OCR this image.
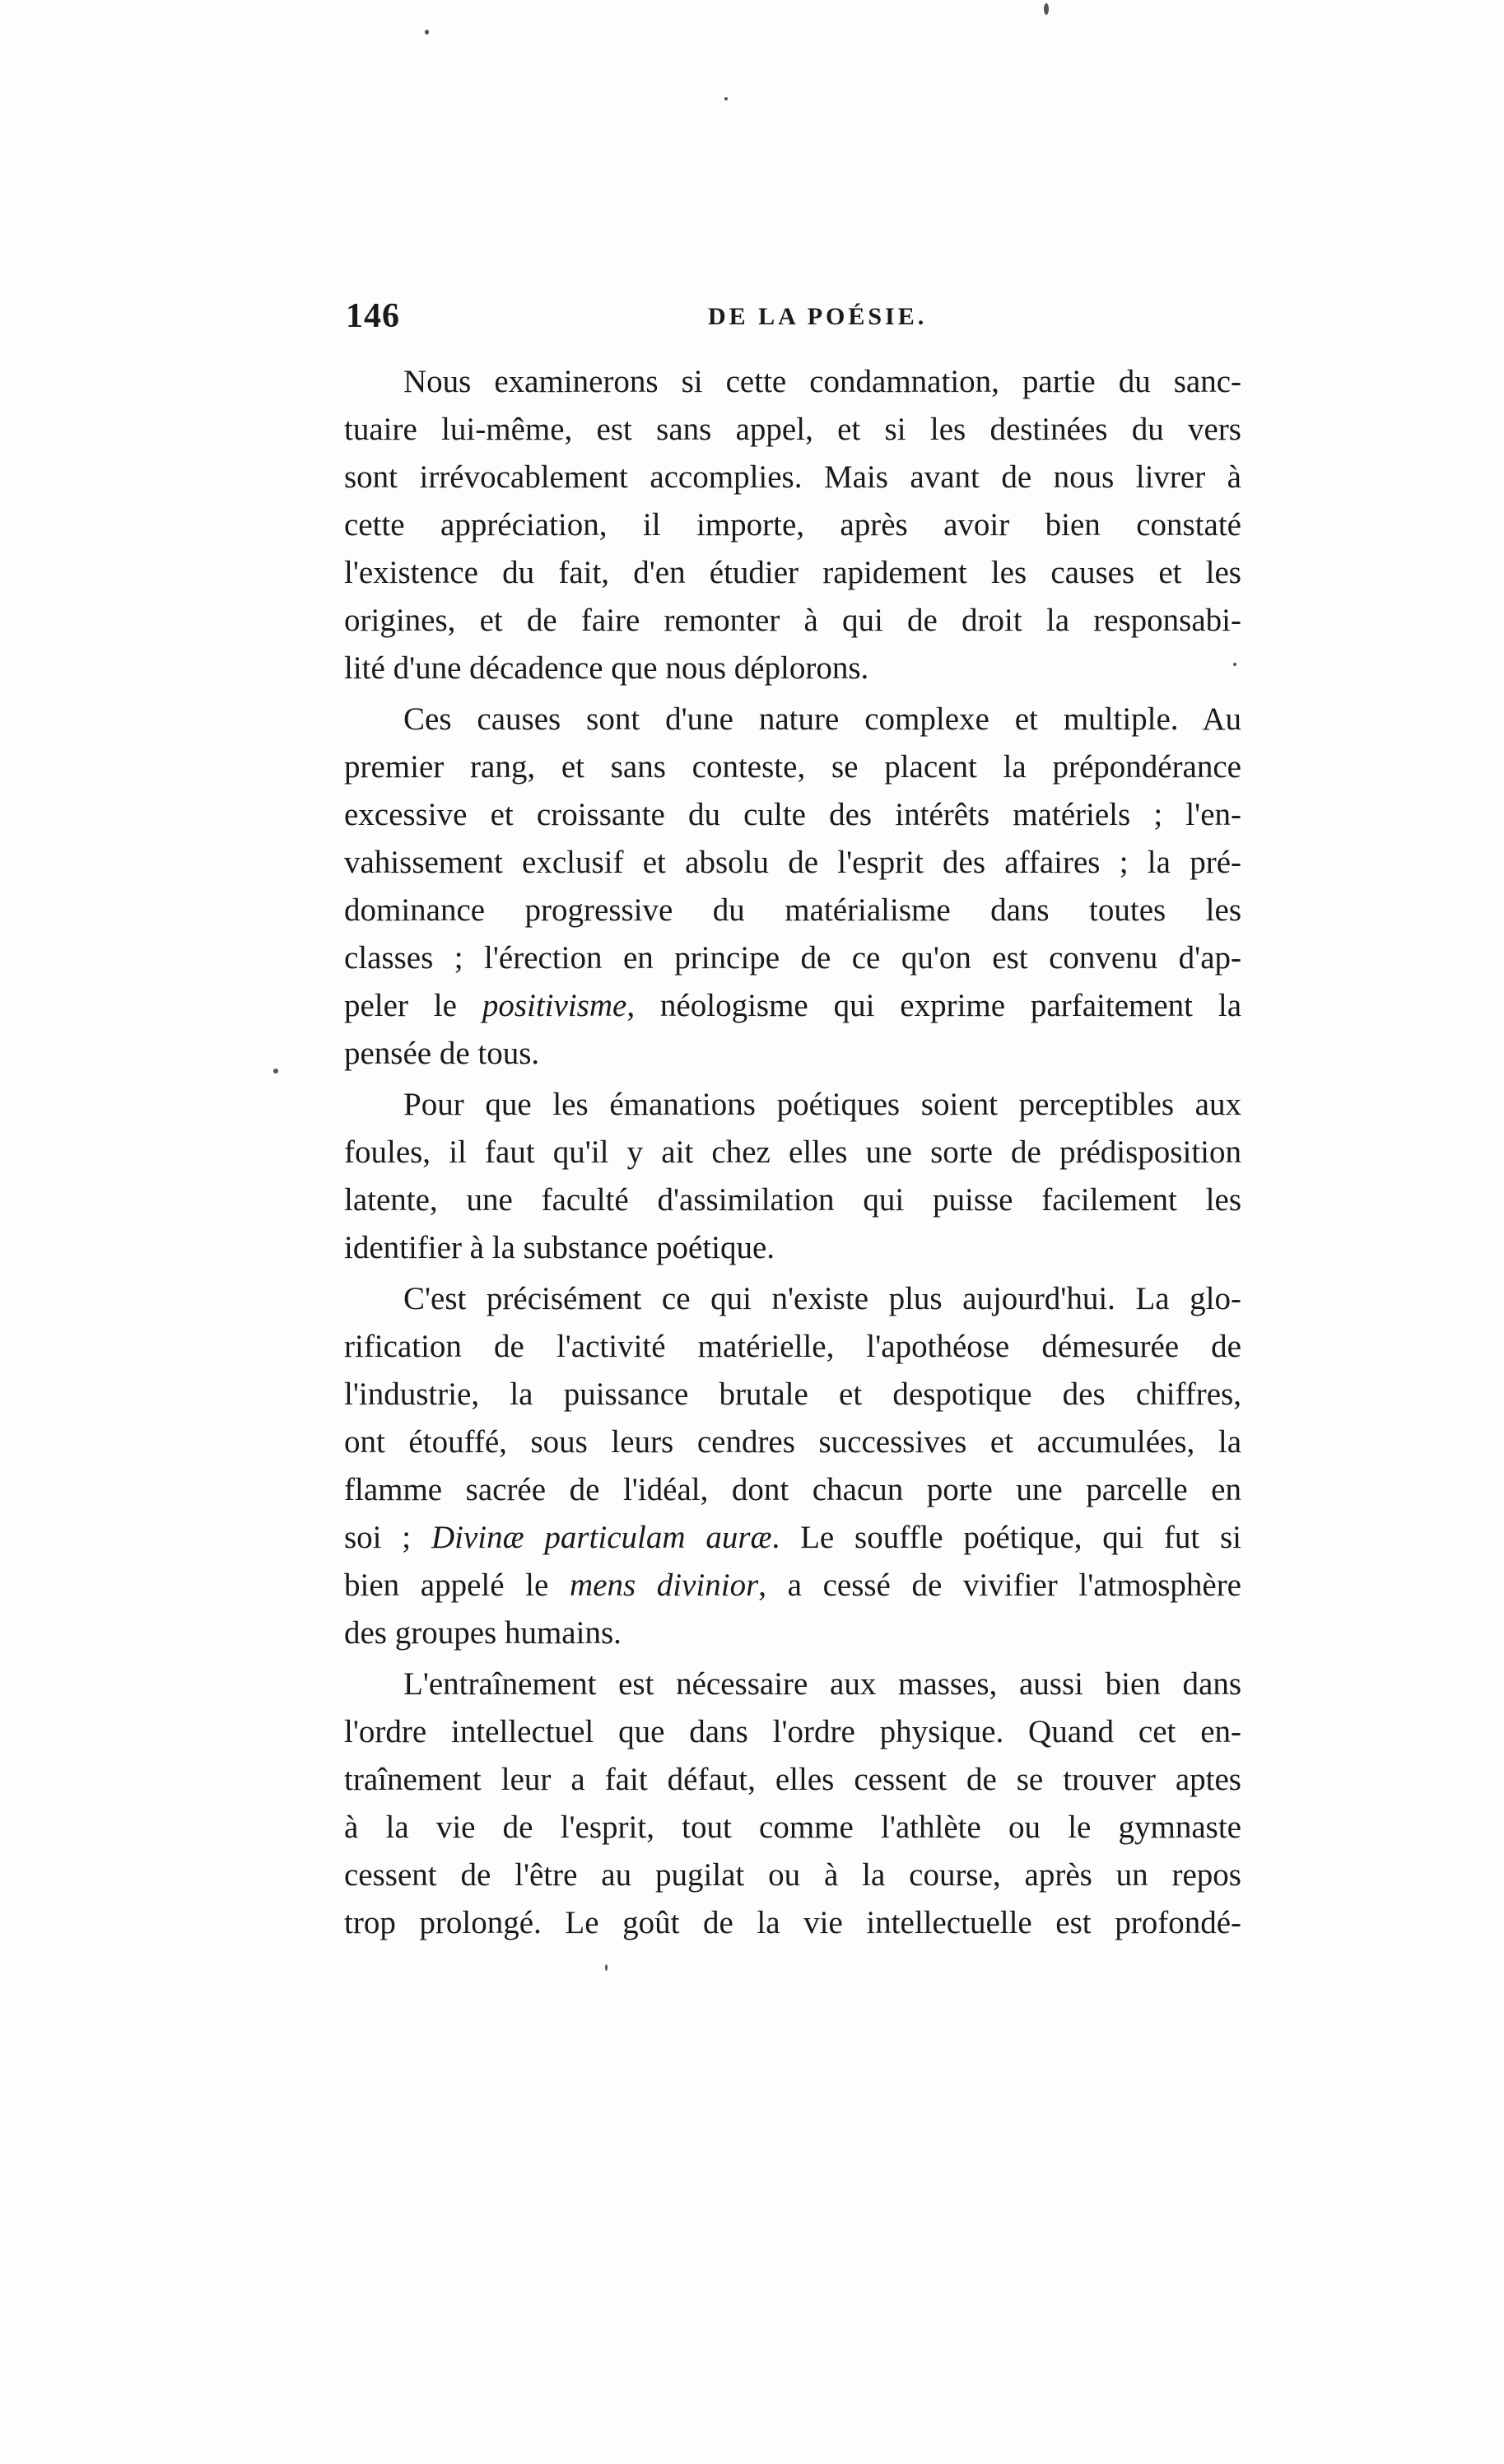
146	DE LA POÉSIE.

Nous examinerons si cette condamnation, partie du sanc-
tuaire lui-même, est sans appel, et si les destinées du vers
sont irrévocablement accomplies. Mais avant de nous livrer à
cette appréciation, il importe, après avoir bien constaté
l'existence du fait, d'en étudier rapidement les causes et les
origines, et de faire remonter à qui de droit la responsabi-
lité d'une décadence que nous déplorons.

Ces causes sont d'une nature complexe et multiple. Au
premier rang, et sans conteste, se placent la prépondérance
excessive et croissante du culte des intérêts matériels ; l'en-
vahissement exclusif et absolu de l'esprit des affaires ; la pré-
dominance progressive du matérialisme dans toutes les
classes ; l'érection en principe de ce qu'on est convenu d'ap-
peler le positivisme, néologisme qui exprime parfaitement la
pensée de tous.

Pour que les émanations poétiques soient perceptibles aux
foules, il faut qu'il y ait chez elles une sorte de prédisposition
latente, une faculté d'assimilation qui puisse facilement les
identifier à la substance poétique.

C'est précisément ce qui n'existe plus aujourd'hui. La glo-
rification de l'activité matérielle, l'apothéose démesurée de
l'industrie, la puissance brutale et despotique des chiffres,
ont étouffé, sous leurs cendres successives et accumulées, la
flamme sacrée de l'idéal, dont chacun porte une parcelle en
soi ; Divinæ particulam auræ. Le souffle poétique, qui fut si
bien appelé le mens divinior, a cessé de vivifier l'atmosphère
des groupes humains.

L'entraînement est nécessaire aux masses, aussi bien dans
l'ordre intellectuel que dans l'ordre physique. Quand cet en-
traînement leur a fait défaut, elles cessent de se trouver aptes
à la vie de l'esprit, tout comme l'athlète ou le gymnaste
cessent de l'être au pugilat ou à la course, après un repos
trop prolongé. Le goût de la vie intellectuelle est profondé-
